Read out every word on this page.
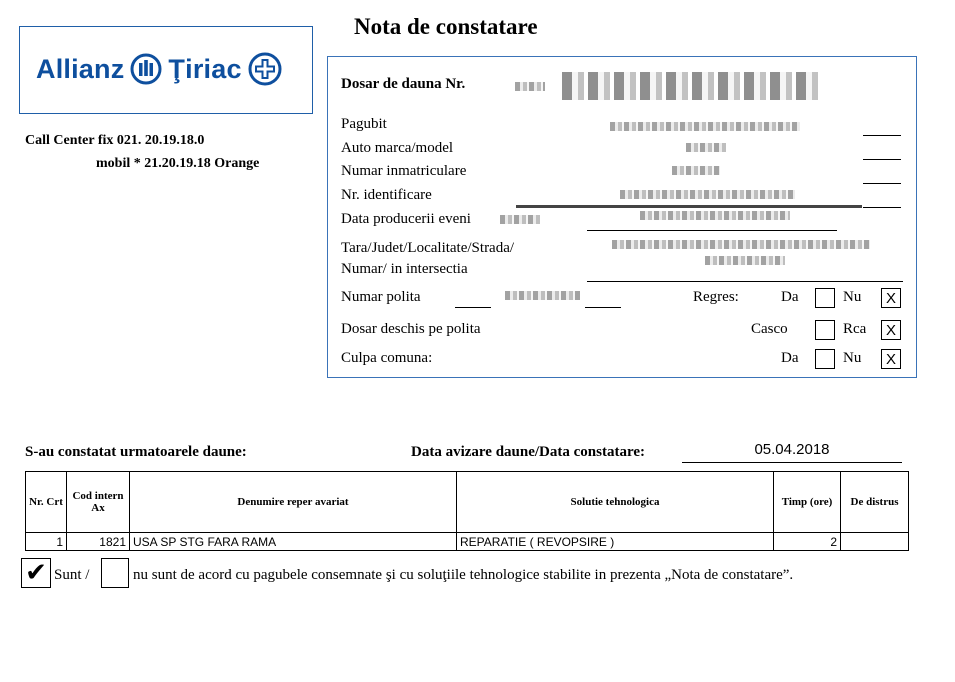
Allianz Ţiriac
Nota de constatare
Call Center fix 021. 20.19.18.0
mobil * 21.20.19.18 Orange
Dosar de dauna Nr.
Pagubit
Auto marca/model
Numar inmatriculare
Nr. identificare
Data producerii eveni
Tara/Judet/Localitate/Strada/
Numar/ in intersectia
Numar polita	Regres:	Da	Nu	X
Dosar deschis pe polita	Casco	Rca	X
Culpa comuna:	Da	Nu	X
S-au constatat urmatoarele daune:	Data avizare daune/Data constatare:	05.04.2018
Nr. Crt	Cod intern Ax	Denumire reper avariat	Solutie tehnologica	Timp (ore)	De distrus
1	1821	USA SP STG FARA RAMA	REPARATIE ( REVOPSIRE )	2	
✔ Sunt /	nu sunt de acord cu pagubele consemnate şi cu soluţiile tehnologice stabilite in prezenta „Nota de constatare”.
